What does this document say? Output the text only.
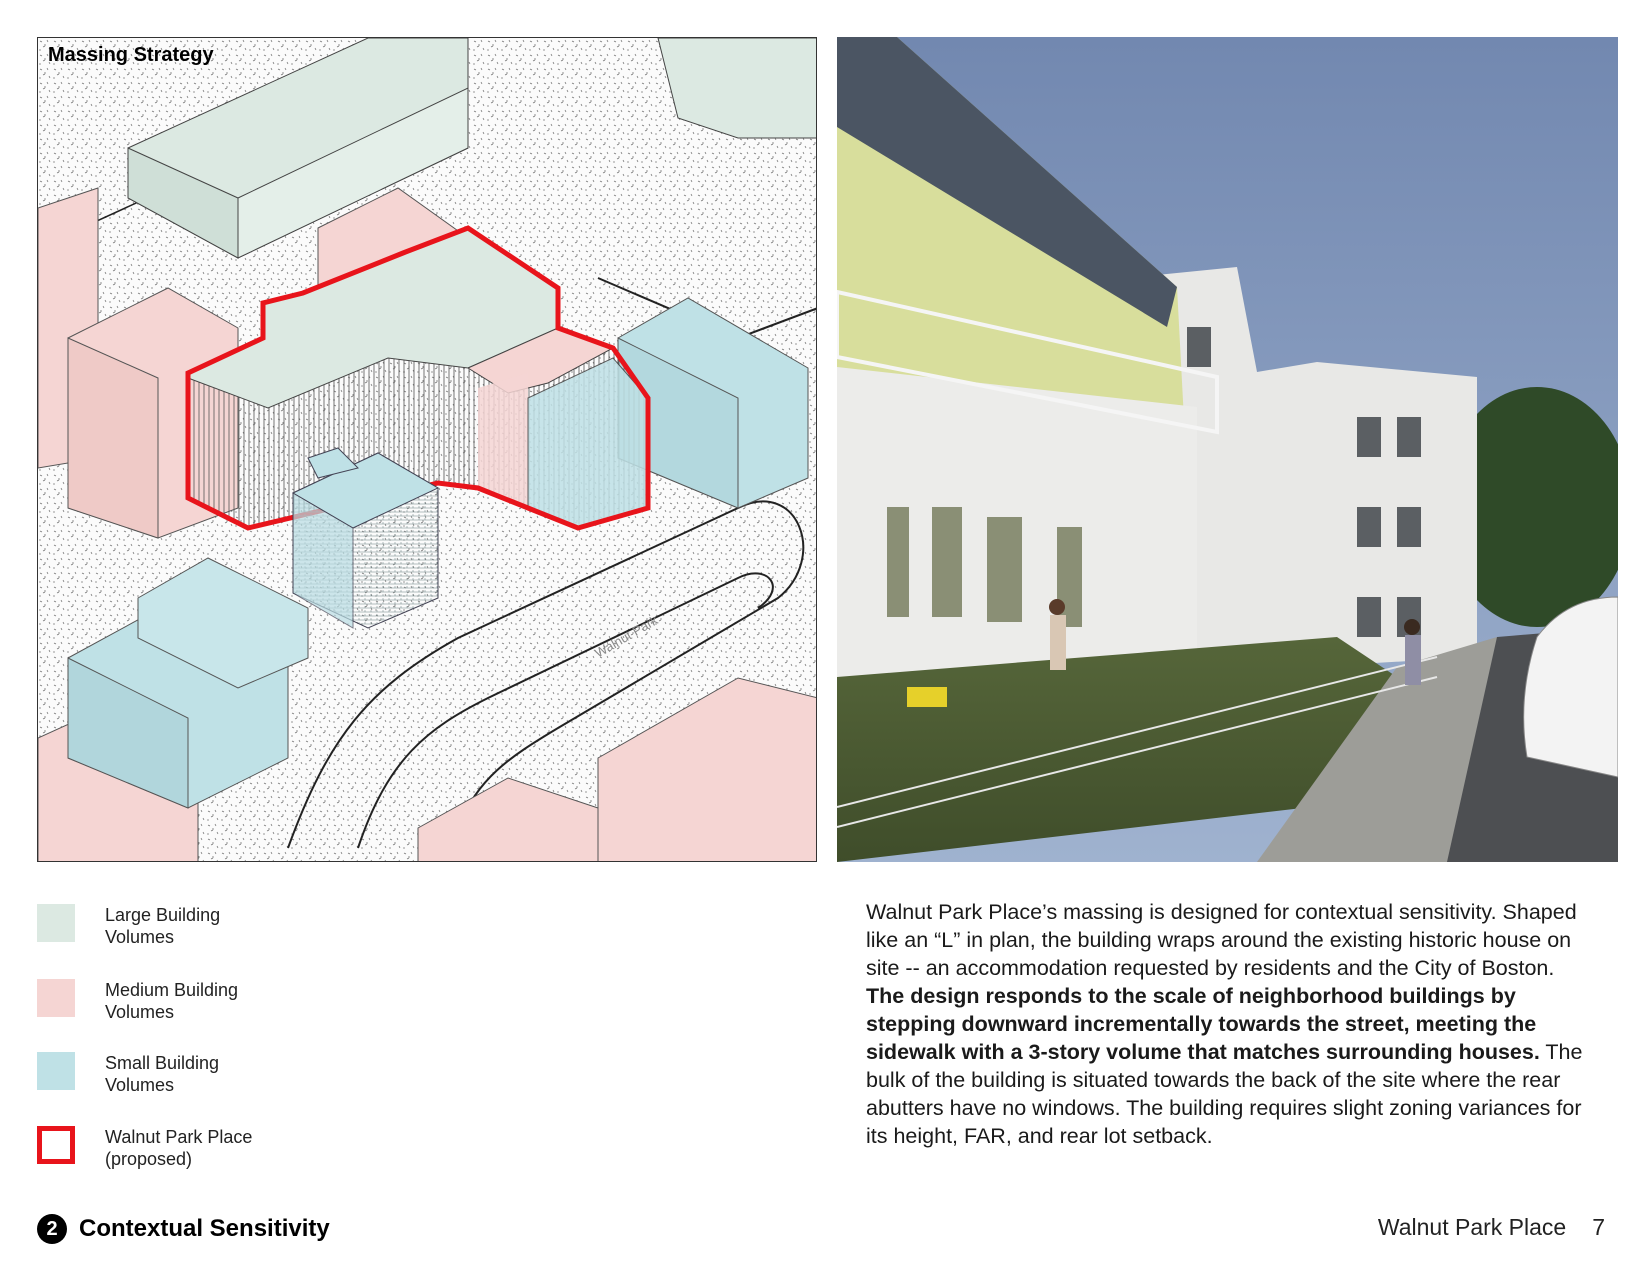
Walnut Park
Massing Strategy
Large Building
Volumes
Medium Building
Volumes
Small Building
Volumes
Walnut Park Place
(proposed)
Walnut Park Place’s massing is designed for contextual sensitivity. Shaped like an “L” in plan, the building wraps around the existing historic house on site -- an accommodation requested by residents and the City of Boston. The design responds to the scale of neighborhood buildings by stepping downward incrementally towards the street, meeting the sidewalk with a 3-story volume that matches surrounding houses. The bulk of the building is situated towards the back of the site where the rear abutters have no windows. The building requires slight zoning variances for its height, FAR, and rear lot setback.
2 Contextual Sensitivity	Walnut Park Place 7
